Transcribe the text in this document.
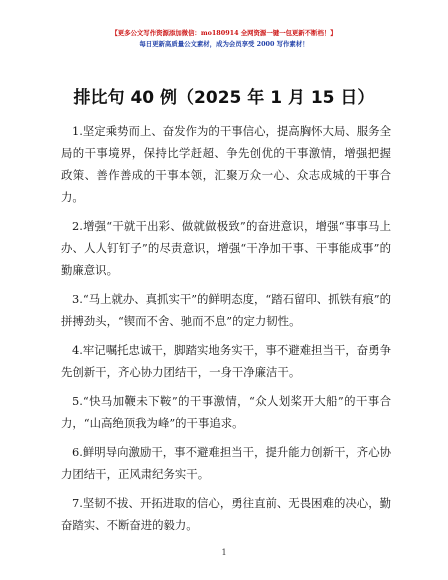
【更多公文写作资源添加微信：mo180914 全网资源一键一包更新不断档！】
每日更新高质量公文素材，成为会员享受 2000 写作素材！
排比句 40 例（2025 年 1 月 15 日）

1.坚定乘势而上、奋发作为的干事信心，提高胸怀大局、服务全局的干事境界，保持比学赶超、争先创优的干事激情，增强把握政策、善作善成的干事本领，汇聚万众一心、众志成城的干事合力。

2.增强“干就干出彩、做就做极致”的奋进意识，增强“事事马上办、人人钉钉子”的尽责意识，增强“干净加干事、干事能成事”的勤廉意识。

3.“马上就办、真抓实干”的鲜明态度，“踏石留印、抓铁有痕”的拼搏劲头，“锲而不舍、驰而不息”的定力韧性。

4.牢记嘱托忠诚干，脚踏实地务实干，事不避难担当干，奋勇争先创新干，齐心协力团结干，一身干净廉洁干。

5.“快马加鞭未下鞍”的干事激情，“众人划桨开大船”的干事合力，“山高绝顶我为峰”的干事追求。

6.鲜明导向激励干，事不避难担当干，提升能力创新干，齐心协力团结干，正风肃纪务实干。

7.坚韧不拔、开拓进取的信心，勇往直前、无畏困难的决心，勤奋踏实、不断奋进的毅力。

1
